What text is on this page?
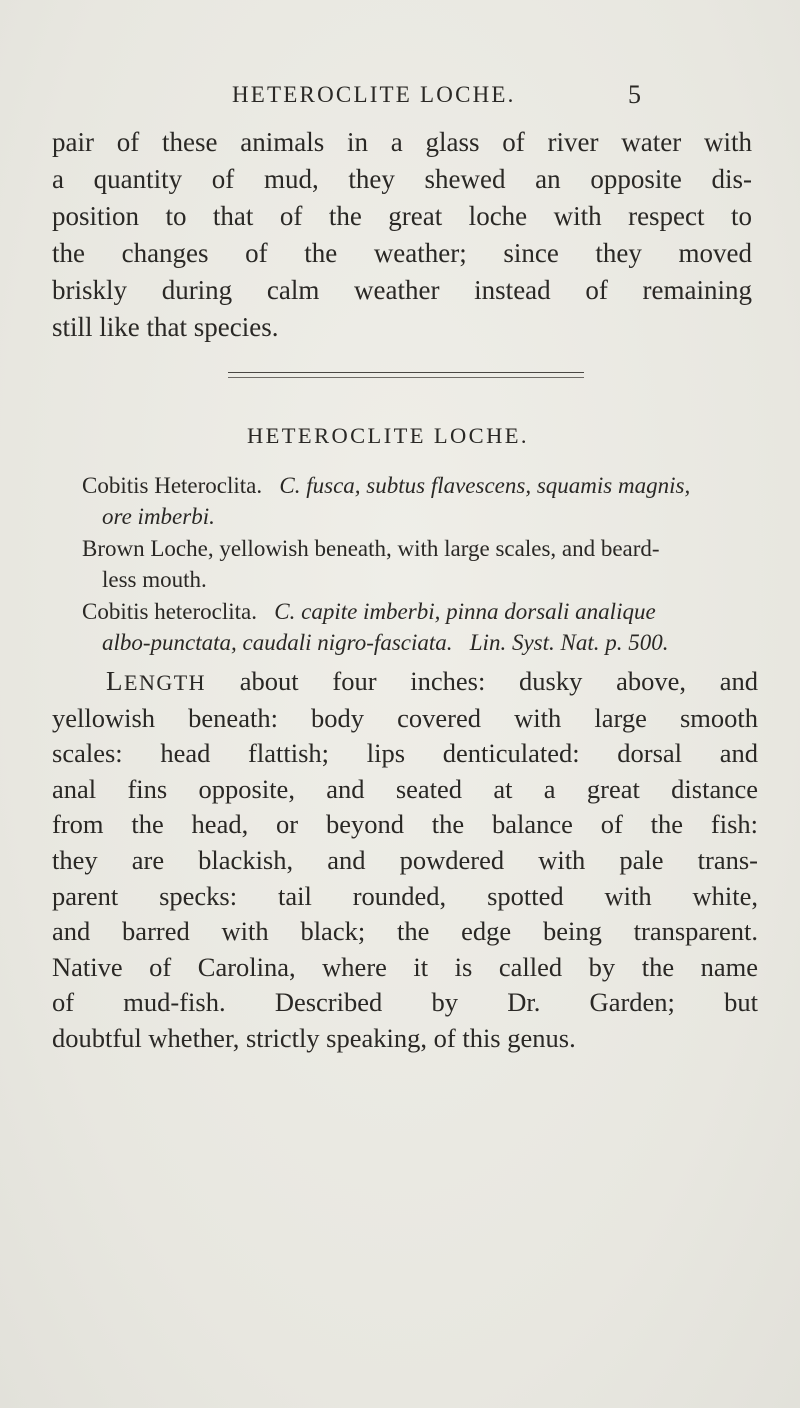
HETEROCLITE LOCHE.	5
pair of these animals in a glass of river water with
a quantity of mud, they shewed an opposite dis-
position to that of the great loche with respect to
the changes of the weather; since they moved
briskly during calm weather instead of remaining
still like that species.
HETEROCLITE LOCHE.
Cobitis Heteroclita. C. fusca, subtus flavescens, squamis magnis,
ore imberbi.
Brown Loche, yellowish beneath, with large scales, and beard-
less mouth.
Cobitis heteroclita. C. capite imberbi, pinna dorsali analique
albo-punctata, caudali nigro-fasciata. Lin. Syst. Nat. p. 500.
LENGTH about four inches: dusky above, and
yellowish beneath: body covered with large smooth
scales: head flattish; lips denticulated: dorsal and
anal fins opposite, and seated at a great distance
from the head, or beyond the balance of the fish:
they are blackish, and powdered with pale trans-
parent specks: tail rounded, spotted with white,
and barred with black; the edge being transparent.
Native of Carolina, where it is called by the name
of mud-fish. Described by Dr. Garden; but
doubtful whether, strictly speaking, of this genus.
